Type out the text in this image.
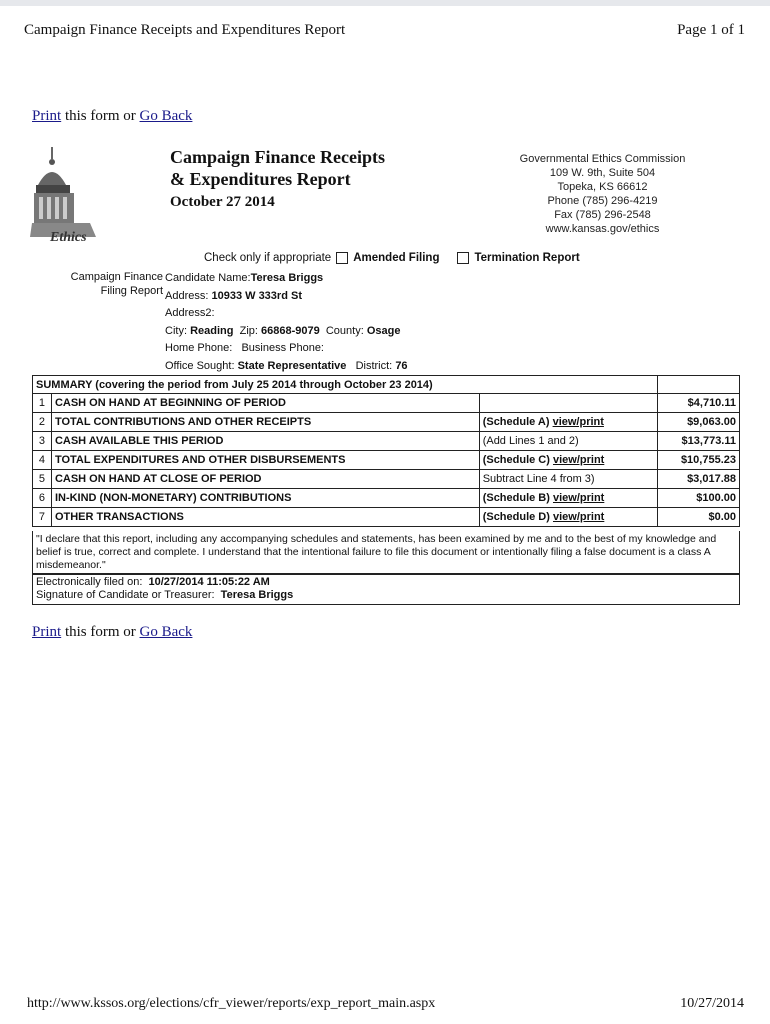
Campaign Finance Receipts and Expenditures Report	Page 1 of 1
Print this form or Go Back
Ethics
Campaign Finance Receipts
& Expenditures Report
October 27 2014
Governmental Ethics Commission
109 W. 9th, Suite 504
Topeka, KS 66612
Phone (785) 296-4219
Fax (785) 296-2548
www.kansas.gov/ethics
Check only if appropriate Amended Filing	Termination Report
Campaign Finance
Filing Report
Candidate Name:Teresa Briggs
Address: 10933 W 333rd St
Address2:
City: Reading Zip: 66868-9079 County: Osage
Home Phone: Business Phone:
Office Sought: State Representative District: 76
SUMMARY (covering the period from July 25 2014 through October 23 2014)			
1	CASH ON HAND AT BEGINNING OF PERIOD		$4,710.11
2	TOTAL CONTRIBUTIONS AND OTHER RECEIPTS	(Schedule A) view/print	$9,063.00
3	CASH AVAILABLE THIS PERIOD	(Add Lines 1 and 2)	$13,773.11
4	TOTAL EXPENDITURES AND OTHER DISBURSEMENTS	(Schedule C) view/print	$10,755.23
5	CASH ON HAND AT CLOSE OF PERIOD	Subtract Line 4 from 3)	$3,017.88
6	IN-KIND (NON-MONETARY) CONTRIBUTIONS	(Schedule B) view/print	$100.00
7	OTHER TRANSACTIONS	(Schedule D) view/print	$0.00
"I declare that this report, including any accompanying schedules and statements, has been examined by me and to the best of my knowledge and belief is true, correct and complete. I understand that the intentional failure to file this document or intentionally filing a false document is a class A misdemeanor."
Electronically filed on: 10/27/2014 11:05:22 AM
Signature of Candidate or Treasurer: Teresa Briggs
Print this form or Go Back
http://www.kssos.org/elections/cfr_viewer/reports/exp_report_main.aspx	10/27/2014
